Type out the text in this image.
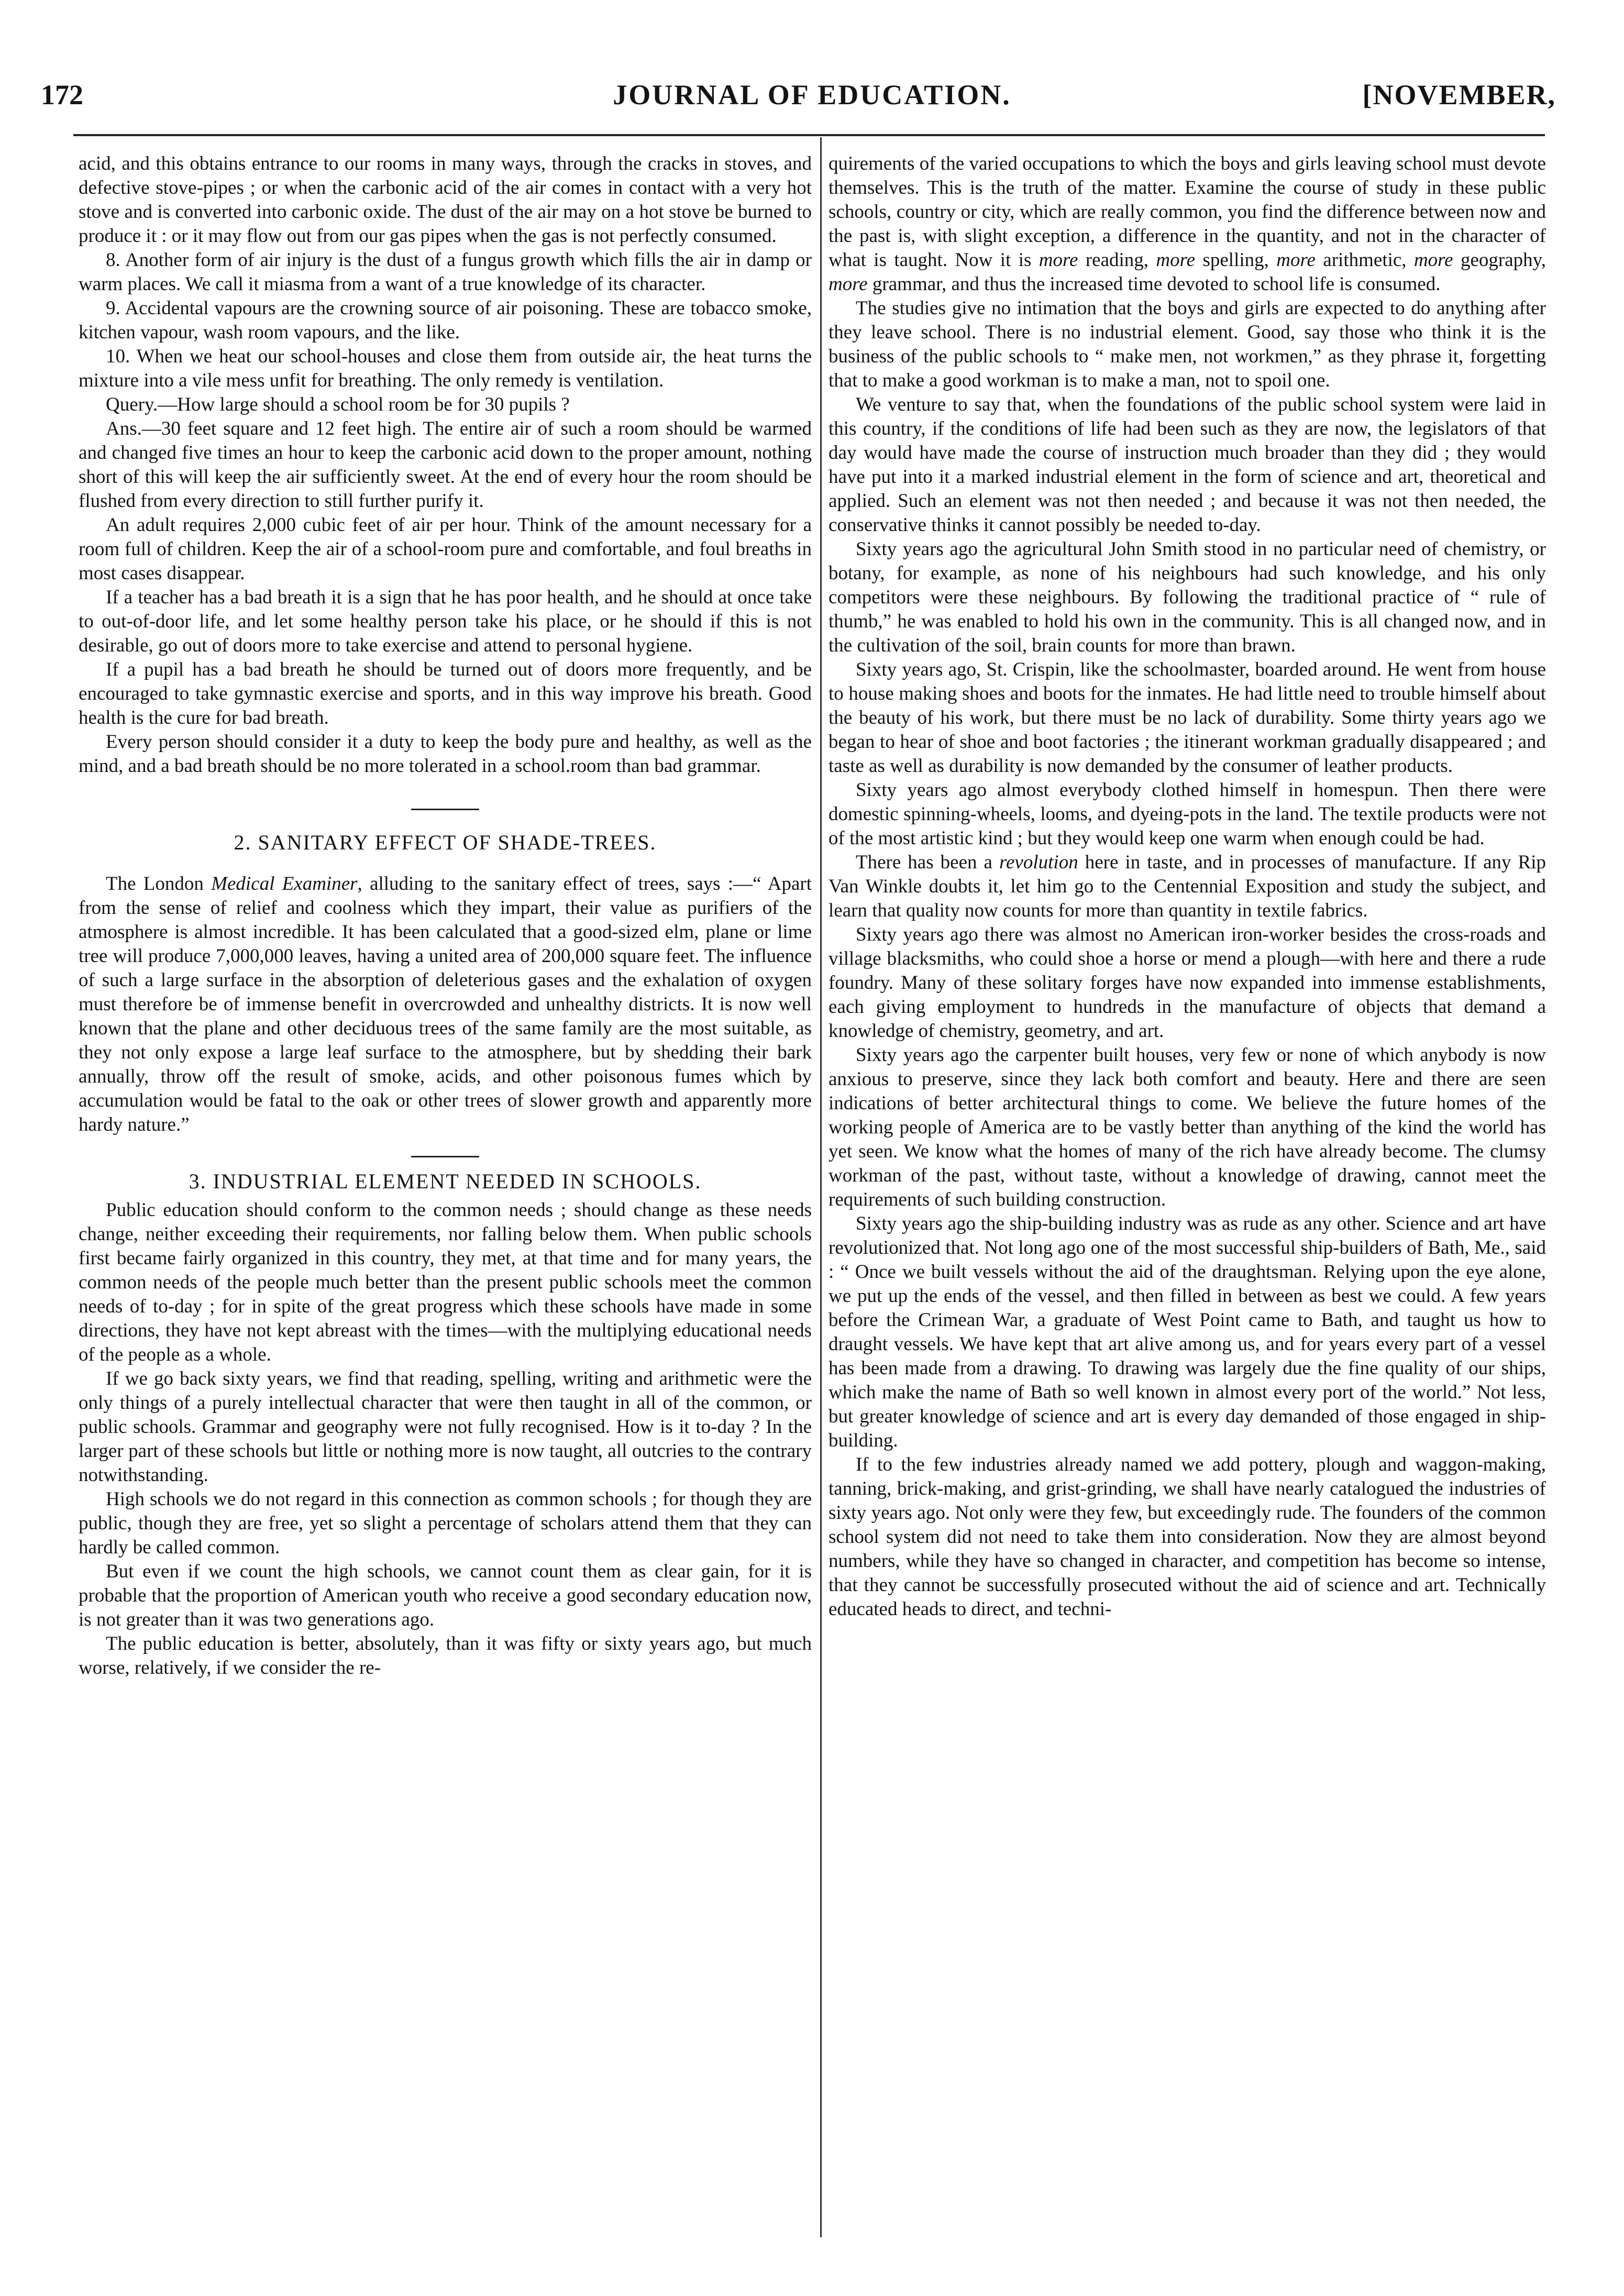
172	JOURNAL OF EDUCATION.	[NOVEMBER,

acid, and this obtains entrance to our rooms in many ways, through the cracks in stoves, and defective stove-pipes ; or when the carbonic acid of the air comes in contact with a very hot stove and is converted into carbonic oxide. The dust of the air may on a hot stove be burned to produce it : or it may flow out from our gas pipes when the gas is not perfectly consumed.

8. Another form of air injury is the dust of a fungus growth which fills the air in damp or warm places. We call it miasma from a want of a true knowledge of its character.

9. Accidental vapours are the crowning source of air poisoning. These are tobacco smoke, kitchen vapour, wash room vapours, and the like.

10. When we heat our school-houses and close them from outside air, the heat turns the mixture into a vile mess unfit for breathing. The only remedy is ventilation.

Query.—How large should a school room be for 30 pupils ?

Ans.—30 feet square and 12 feet high. The entire air of such a room should be warmed and changed five times an hour to keep the carbonic acid down to the proper amount, nothing short of this will keep the air sufficiently sweet. At the end of every hour the room should be flushed from every direction to still further purify it.

An adult requires 2,000 cubic feet of air per hour. Think of the amount necessary for a room full of children. Keep the air of a school-room pure and comfortable, and foul breaths in most cases disappear.

If a teacher has a bad breath it is a sign that he has poor health, and he should at once take to out-of-door life, and let some healthy person take his place, or he should if this is not desirable, go out of doors more to take exercise and attend to personal hygiene.

If a pupil has a bad breath he should be turned out of doors more frequently, and be encouraged to take gymnastic exercise and sports, and in this way improve his breath. Good health is the cure for bad breath.

Every person should consider it a duty to keep the body pure and healthy, as well as the mind, and a bad breath should be no more tolerated in a school.room than bad grammar.

2. SANITARY EFFECT OF SHADE-TREES.

The London Medical Examiner, alluding to the sanitary effect of trees, says :—“ Apart from the sense of relief and coolness which they impart, their value as purifiers of the atmosphere is almost incredible. It has been calculated that a good-sized elm, plane or lime tree will produce 7,000,000 leaves, having a united area of 200,000 square feet. The influence of such a large surface in the absorption of deleterious gases and the exhalation of oxygen must therefore be of immense benefit in overcrowded and unhealthy districts. It is now well known that the plane and other deciduous trees of the same family are the most suitable, as they not only expose a large leaf surface to the atmosphere, but by shedding their bark annually, throw off the result of smoke, acids, and other poisonous fumes which by accumulation would be fatal to the oak or other trees of slower growth and apparently more hardy nature.”

3. INDUSTRIAL ELEMENT NEEDED IN SCHOOLS.

Public education should conform to the common needs ; should change as these needs change, neither exceeding their requirements, nor falling below them. When public schools first became fairly organized in this country, they met, at that time and for many years, the common needs of the people much better than the present public schools meet the common needs of to-day ; for in spite of the great progress which these schools have made in some directions, they have not kept abreast with the times—with the multiplying educational needs of the people as a whole.

If we go back sixty years, we find that reading, spelling, writing and arithmetic were the only things of a purely intellectual character that were then taught in all of the common, or public schools. Grammar and geography were not fully recognised. How is it to-day ? In the larger part of these schools but little or nothing more is now taught, all outcries to the contrary notwithstanding.

High schools we do not regard in this connection as common schools ; for though they are public, though they are free, yet so slight a percentage of scholars attend them that they can hardly be called common.

But even if we count the high schools, we cannot count them as clear gain, for it is probable that the proportion of American youth who receive a good secondary education now, is not greater than it was two generations ago.

The public education is better, absolutely, than it was fifty or sixty years ago, but much worse, relatively, if we consider the re-

quirements of the varied occupations to which the boys and girls leaving school must devote themselves. This is the truth of the matter. Examine the course of study in these public schools, country or city, which are really common, you find the difference between now and the past is, with slight exception, a difference in the quantity, and not in the character of what is taught. Now it is more reading, more spelling, more arithmetic, more geography, more grammar, and thus the increased time devoted to school life is consumed.

The studies give no intimation that the boys and girls are expected to do anything after they leave school. There is no industrial element. Good, say those who think it is the business of the public schools to “ make men, not workmen,” as they phrase it, forgetting that to make a good workman is to make a man, not to spoil one.

We venture to say that, when the foundations of the public school system were laid in this country, if the conditions of life had been such as they are now, the legislators of that day would have made the course of instruction much broader than they did ; they would have put into it a marked industrial element in the form of science and art, theoretical and applied. Such an element was not then needed ; and because it was not then needed, the conservative thinks it cannot possibly be needed to-day.

Sixty years ago the agricultural John Smith stood in no particular need of chemistry, or botany, for example, as none of his neighbours had such knowledge, and his only competitors were these neighbours. By following the traditional practice of “ rule of thumb,” he was enabled to hold his own in the community. This is all changed now, and in the cultivation of the soil, brain counts for more than brawn.

Sixty years ago, St. Crispin, like the schoolmaster, boarded around. He went from house to house making shoes and boots for the inmates. He had little need to trouble himself about the beauty of his work, but there must be no lack of durability. Some thirty years ago we began to hear of shoe and boot factories ; the itinerant workman gradually disappeared ; and taste as well as durability is now demanded by the consumer of leather products.

Sixty years ago almost everybody clothed himself in homespun. Then there were domestic spinning-wheels, looms, and dyeing-pots in the land. The textile products were not of the most artistic kind ; but they would keep one warm when enough could be had.

There has been a revolution here in taste, and in processes of manufacture. If any Rip Van Winkle doubts it, let him go to the Centennial Exposition and study the subject, and learn that quality now counts for more than quantity in textile fabrics.

Sixty years ago there was almost no American iron-worker besides the cross-roads and village blacksmiths, who could shoe a horse or mend a plough—with here and there a rude foundry. Many of these solitary forges have now expanded into immense establishments, each giving employment to hundreds in the manufacture of objects that demand a knowledge of chemistry, geometry, and art.

Sixty years ago the carpenter built houses, very few or none of which anybody is now anxious to preserve, since they lack both comfort and beauty. Here and there are seen indications of better architectural things to come. We believe the future homes of the working people of America are to be vastly better than anything of the kind the world has yet seen. We know what the homes of many of the rich have already become. The clumsy workman of the past, without taste, without a knowledge of drawing, cannot meet the requirements of such building construction.

Sixty years ago the ship-building industry was as rude as any other. Science and art have revolutionized that. Not long ago one of the most successful ship-builders of Bath, Me., said : “ Once we built vessels without the aid of the draughtsman. Relying upon the eye alone, we put up the ends of the vessel, and then filled in between as best we could. A few years before the Crimean War, a graduate of West Point came to Bath, and taught us how to draught vessels. We have kept that art alive among us, and for years every part of a vessel has been made from a drawing. To drawing was largely due the fine quality of our ships, which make the name of Bath so well known in almost every port of the world.” Not less, but greater knowledge of science and art is every day demanded of those engaged in ship-building.

If to the few industries already named we add pottery, plough and waggon-making, tanning, brick-making, and grist-grinding, we shall have nearly catalogued the industries of sixty years ago. Not only were they few, but exceedingly rude. The founders of the common school system did not need to take them into consideration. Now they are almost beyond numbers, while they have so changed in character, and competition has become so intense, that they cannot be successfully prosecuted without the aid of science and art. Technically educated heads to direct, and techni-
